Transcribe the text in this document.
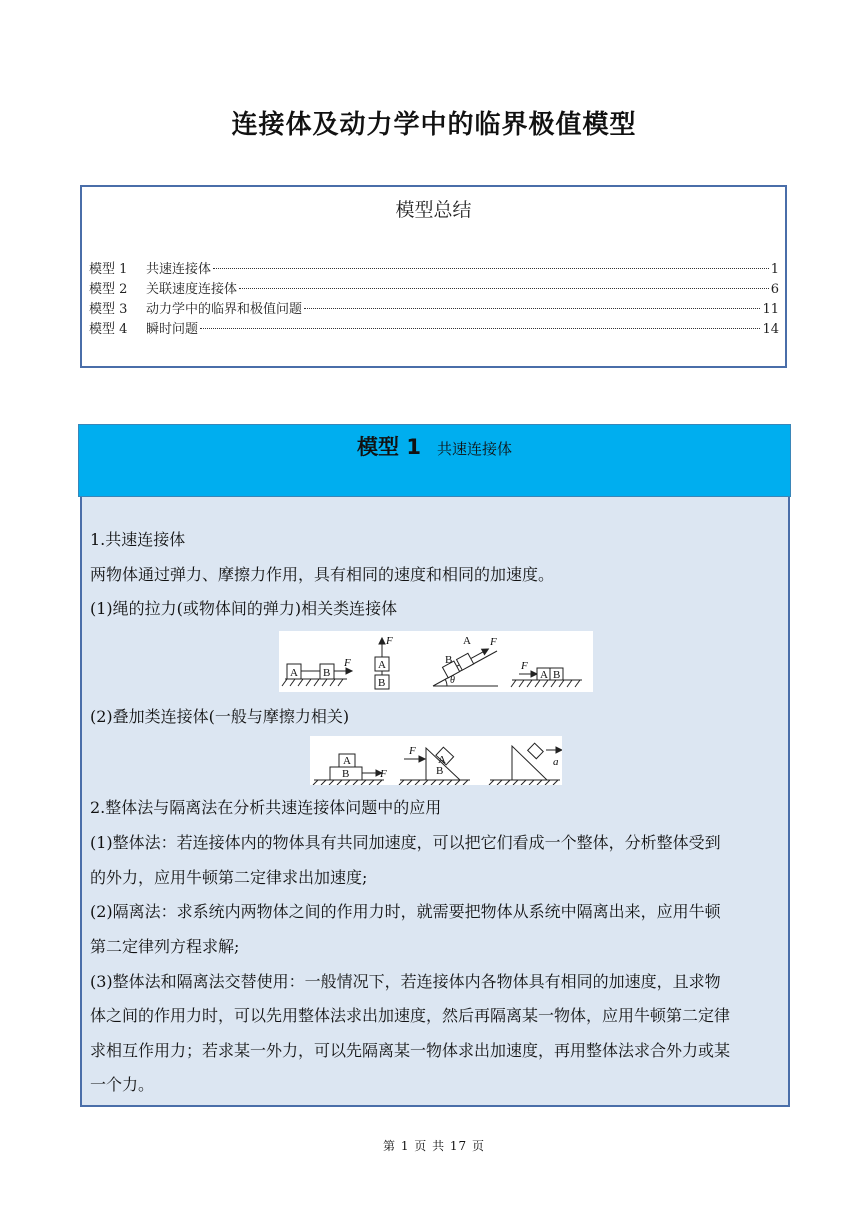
连接体及动力学中的临界极值模型
模型总结
模型 1	共速连接体	1
模型 2	关联速度连接体	6
模型 3	动力学中的临界和极值问题	11
模型 4	瞬时问题	14
模型 1 共速连接体
1.共速连接体
两物体通过弹力、摩擦力作用，具有相同的速度和相同的加速度。
(1)绳的拉力(或物体间的弹力)相关类连接体
A B
F
F
A
B
B
A F
θ
F
A B
(2)叠加类连接体(一般与摩擦力相关)
A
B	F
F
B
A	a
2.整体法与隔离法在分析共速连接体问题中的应用
(1)整体法：若连接体内的物体具有共同加速度，可以把它们看成一个整体，分析整体受到
的外力，应用牛顿第二定律求出加速度;
(2)隔离法：求系统内两物体之间的作用力时，就需要把物体从系统中隔离出来，应用牛顿
第二定律列方程求解;
(3)整体法和隔离法交替使用：一般情况下，若连接体内各物体具有相同的加速度，且求物
体之间的作用力时，可以先用整体法求出加速度，然后再隔离某一物体，应用牛顿第二定律
求相互作用力；若求某一外力，可以先隔离某一物体求出加速度，再用整体法求合外力或某
一个力。
第 1 页 共 17 页
